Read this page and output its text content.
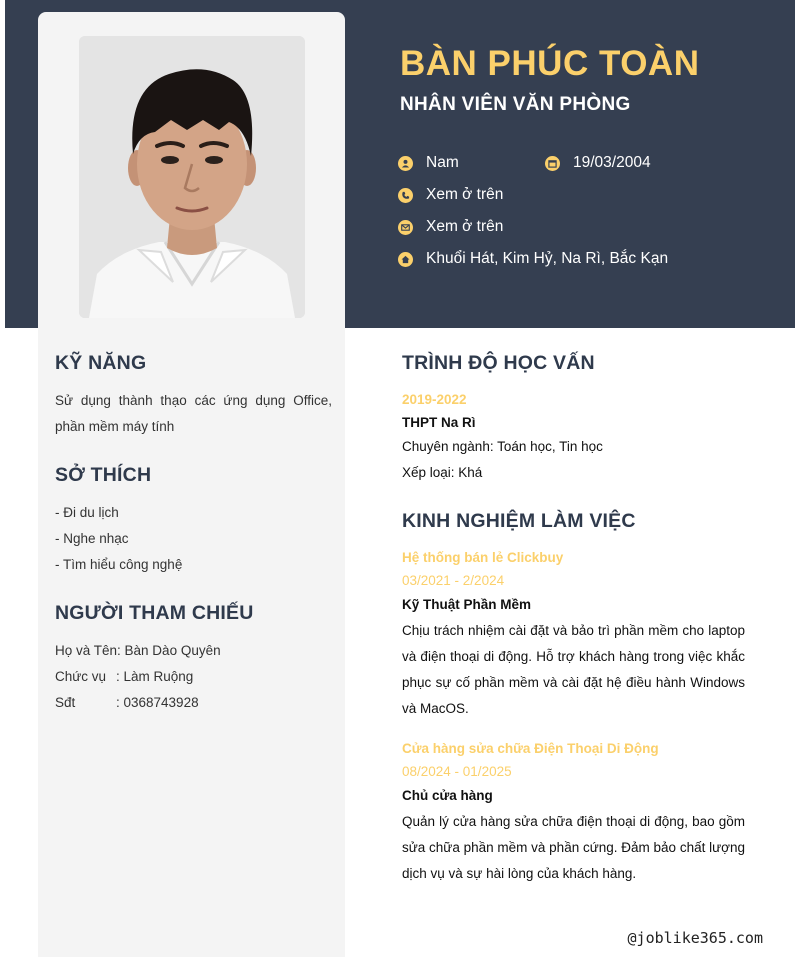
BÀN PHÚC TOÀN
NHÂN VIÊN VĂN PHÒNG
Nam	19/03/2004
Xem ở trên
Xem ở trên
Khuổi Hát, Kim Hỷ, Na Rì, Bắc Kạn
KỸ NĂNG
Sử dụng thành thạo các ứng dụng Office, phần mềm máy tính
SỞ THÍCH
- Đi du lịch
- Nghe nhạc
- Tìm hiểu công nghệ
NGƯỜI THAM CHIẾU
Họ và Tên: Bàn Dào Quyên
Chức vụ : Làm Ruộng
Sđt	: 0368743928
TRÌNH ĐỘ HỌC VẤN
2019-2022
THPT Na Rì
Chuyên ngành: Toán học, Tin học
Xếp loại: Khá
KINH NGHIỆM LÀM VIỆC
Hệ thống bán lẻ Clickbuy
03/2021 - 2/2024
Kỹ Thuật Phần Mềm
Chịu trách nhiệm cài đặt và bảo trì phần mềm cho laptop và điện thoại di động. Hỗ trợ khách hàng trong việc khắc phục sự cố phần mềm và cài đặt hệ điều hành Windows và MacOS.
Cửa hàng sửa chữa Điện Thoại Di Động
08/2024 - 01/2025
Chủ cửa hàng
Quản lý cửa hàng sửa chữa điện thoại di động, bao gồm sửa chữa phần mềm và phần cứng. Đảm bảo chất lượng dịch vụ và sự hài lòng của khách hàng.
@joblike365.com
